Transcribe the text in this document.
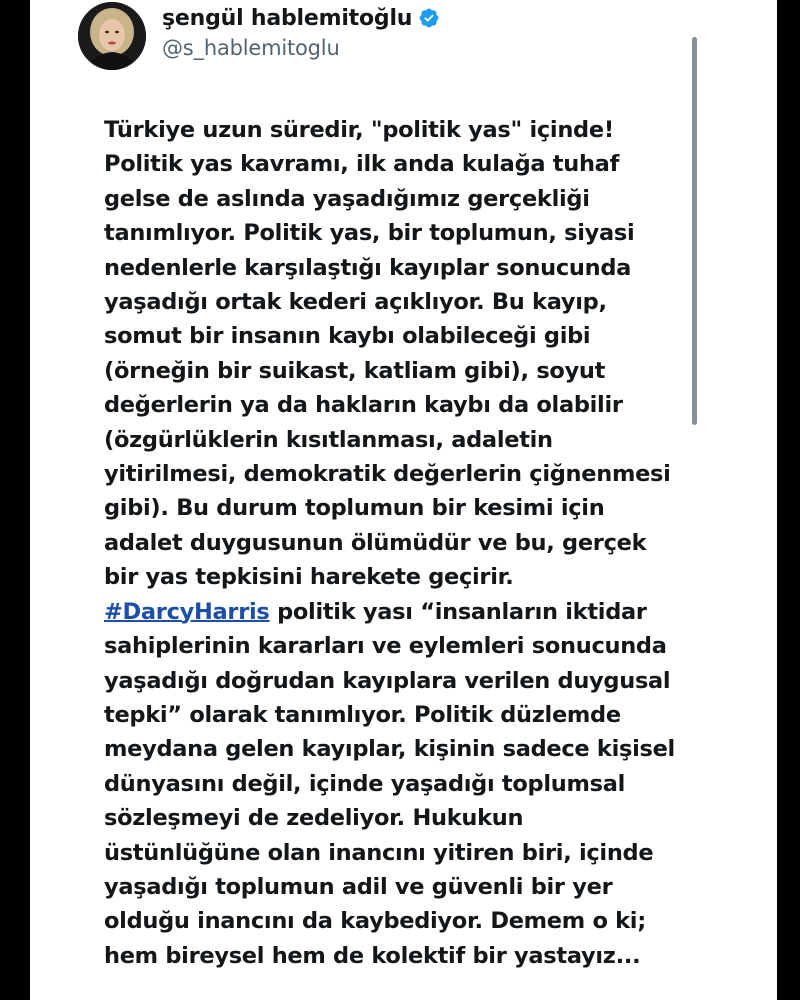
şengül hablemitoğlu
@s_hablemitoglu
Türkiye uzun süredir, "politik yas" içinde!
Politik yas kavramı, ilk anda kulağa tuhaf
gelse de aslında yaşadığımız gerçekliği
tanımlıyor. Politik yas, bir toplumun, siyasi
nedenlerle karşılaştığı kayıplar sonucunda
yaşadığı ortak kederi açıklıyor. Bu kayıp,
somut bir insanın kaybı olabileceği gibi
(örneğin bir suikast, katliam gibi), soyut
değerlerin ya da hakların kaybı da olabilir
(özgürlüklerin kısıtlanması, adaletin
yitirilmesi, demokratik değerlerin çiğnenmesi
gibi). Bu durum toplumun bir kesimi için
adalet duygusunun ölümüdür ve bu, gerçek
bir yas tepkisini harekete geçirir.
#DarcyHarris politik yası “insanların iktidar
sahiplerinin kararları ve eylemleri sonucunda
yaşadığı doğrudan kayıplara verilen duygusal
tepki” olarak tanımlıyor. Politik düzlemde
meydana gelen kayıplar, kişinin sadece kişisel
dünyasını değil, içinde yaşadığı toplumsal
sözleşmeyi de zedeliyor. Hukukun
üstünlüğüne olan inancını yitiren biri, içinde
yaşadığı toplumun adil ve güvenli bir yer
olduğu inancını da kaybediyor. Demem o ki;
hem bireysel hem de kolektif bir yastayız...
